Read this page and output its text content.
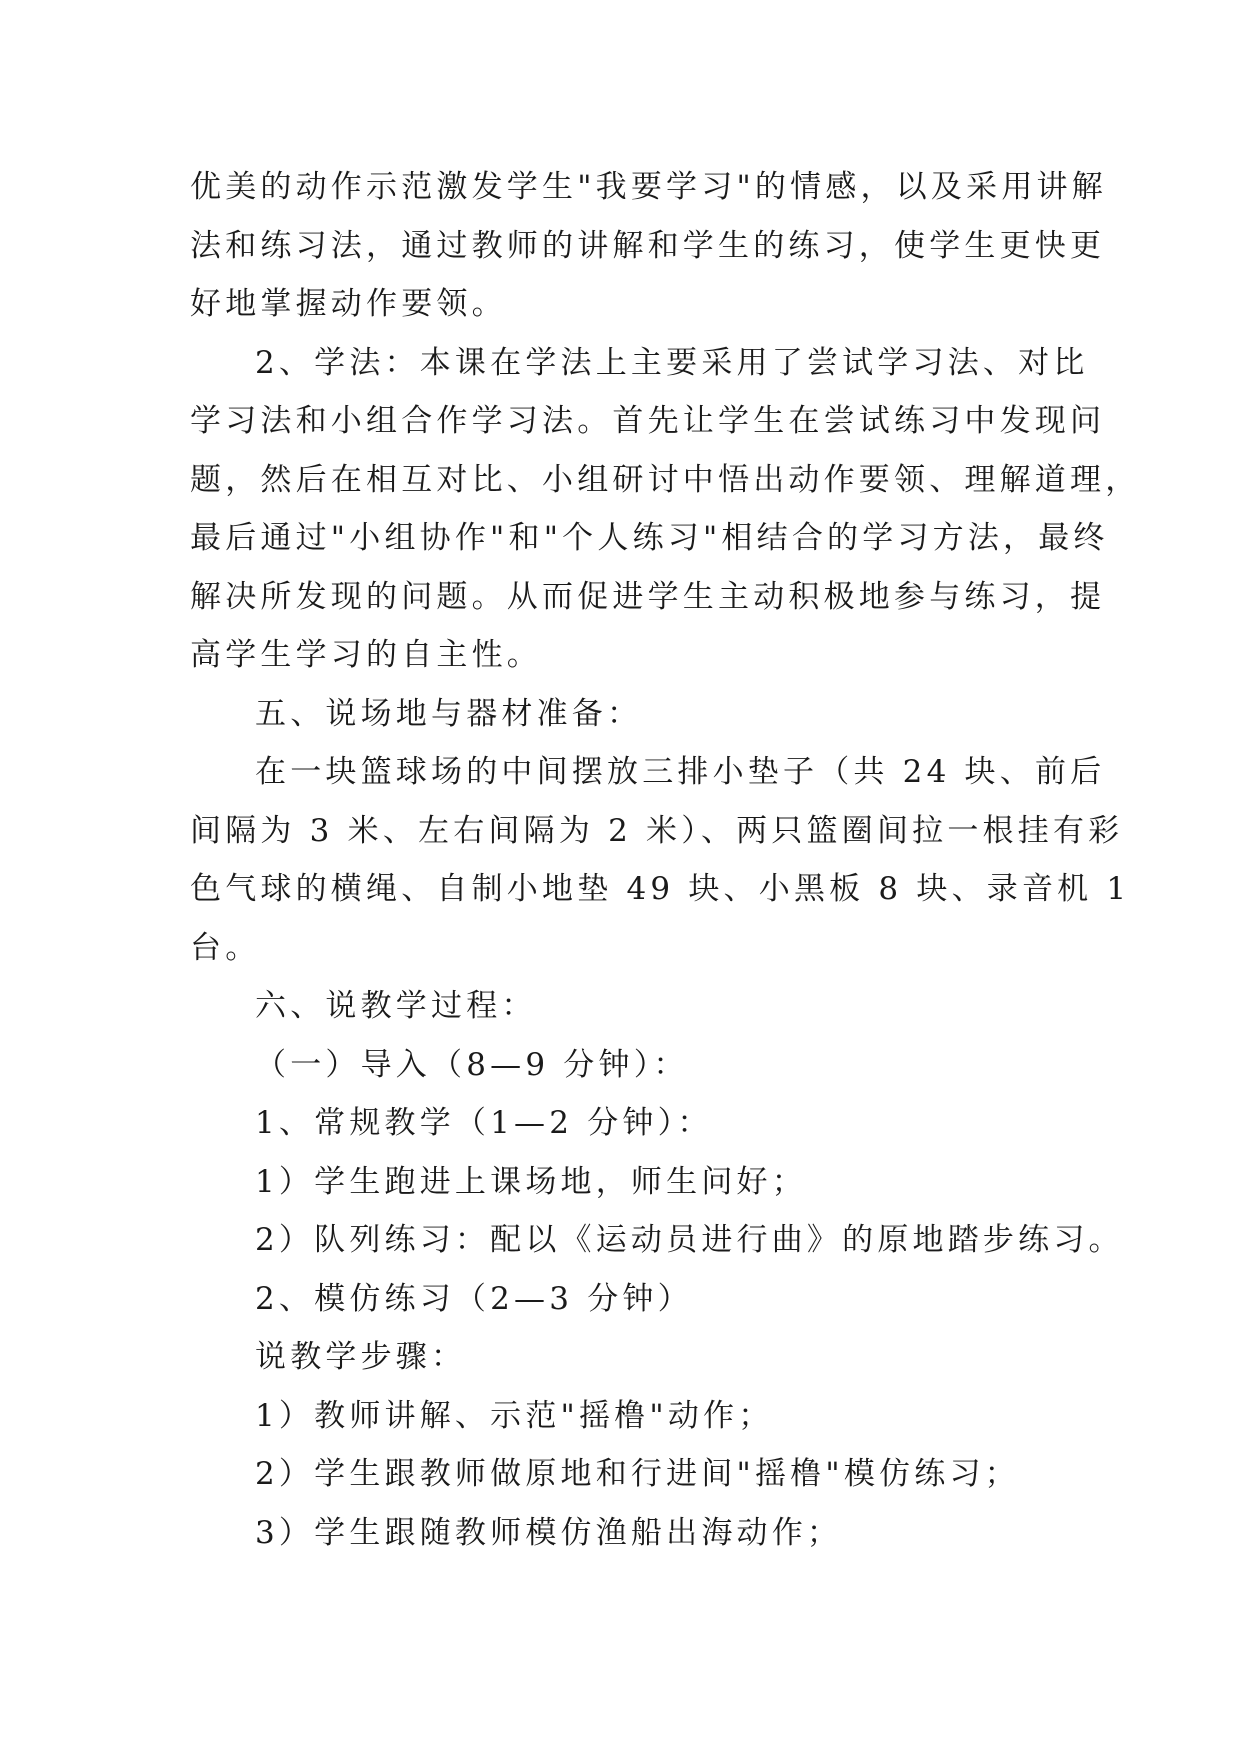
优美的动作示范激发学生"我要学习"的情感，以及采用讲解
法和练习法，通过教师的讲解和学生的练习，使学生更快更
好地掌握动作要领。
2、学法：本课在学法上主要采用了尝试学习法、对比
学习法和小组合作学习法。首先让学生在尝试练习中发现问
题，然后在相互对比、小组研讨中悟出动作要领、理解道理，
最后通过"小组协作"和"个人练习"相结合的学习方法，最终
解决所发现的问题。从而促进学生主动积极地参与练习，提
高学生学习的自主性。
五、说场地与器材准备：
在一块篮球场的中间摆放三排小垫子（共 24 块、前后
间隔为 3 米、左右间隔为 2 米）、两只篮圈间拉一根挂有彩
色气球的横绳、自制小地垫 49 块、小黑板 8 块、录音机 1
台。
六、说教学过程：
（一）导入（8—9 分钟）：
1、常规教学（1—2 分钟）：
1）学生跑进上课场地，师生问好；
2）队列练习：配以《运动员进行曲》的原地踏步练习。
2、模仿练习（2—3 分钟）
说教学步骤：
1）教师讲解、示范"摇橹"动作；
2）学生跟教师做原地和行进间"摇橹"模仿练习；
3）学生跟随教师模仿渔船出海动作；
